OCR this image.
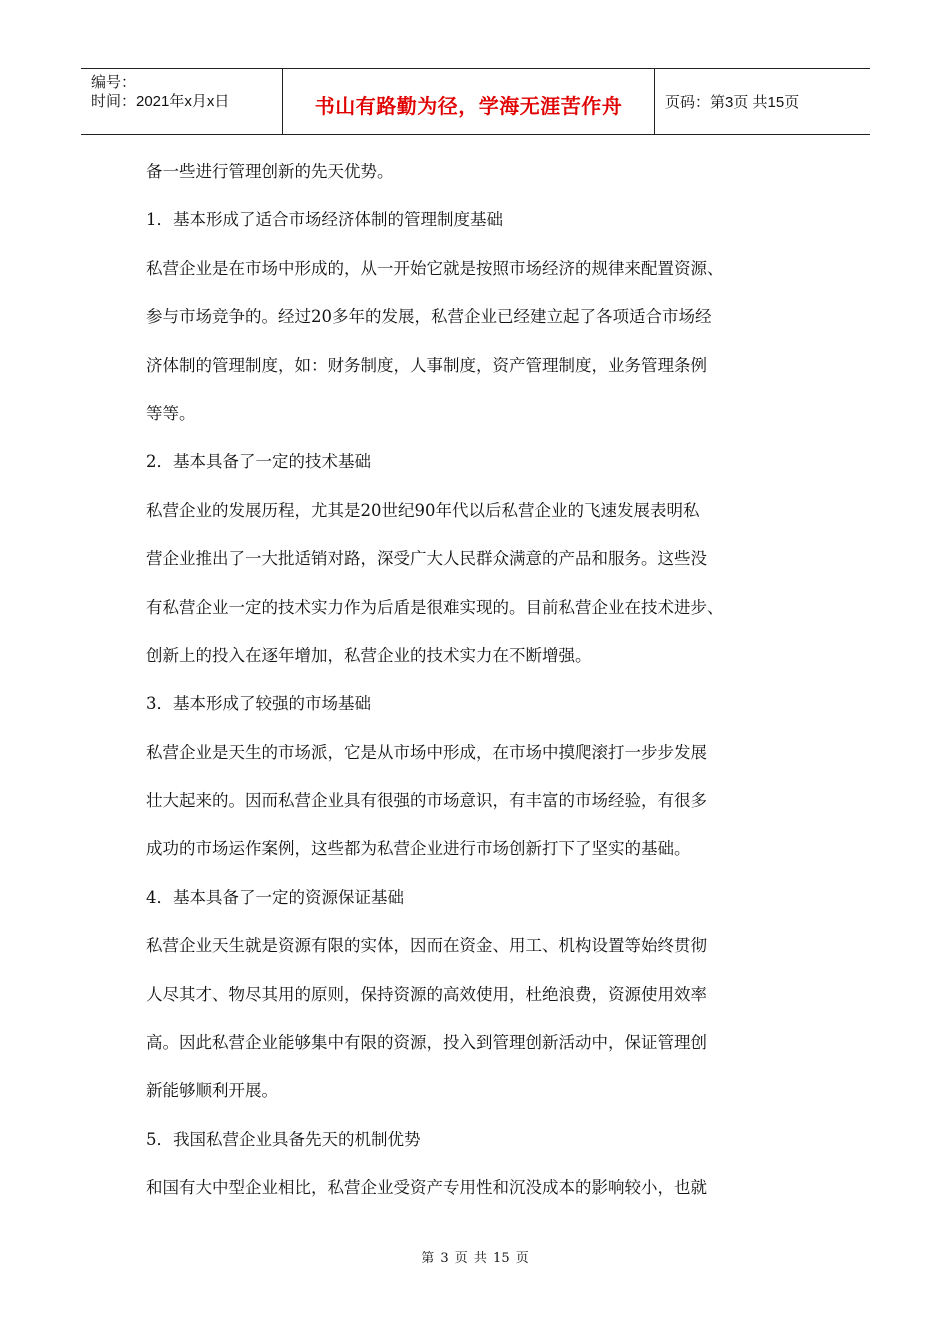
编号：
时间：2021年x月x日	书山有路勤为径，学海无涯苦作舟	页码：第3页 共15页
备一些进行管理创新的先天优势。
1．基本形成了适合市场经济体制的管理制度基础
私营企业是在市场中形成的，从一开始它就是按照市场经济的规律来配置资源、
参与市场竞争的。经过20多年的发展，私营企业已经建立起了各项适合市场经
济体制的管理制度，如：财务制度，人事制度，资产管理制度，业务管理条例
等等。
2．基本具备了一定的技术基础
私营企业的发展历程，尤其是20世纪90年代以后私营企业的飞速发展表明私
营企业推出了一大批适销对路，深受广大人民群众满意的产品和服务。这些没
有私营企业一定的技术实力作为后盾是很难实现的。目前私营企业在技术进步、
创新上的投入在逐年增加，私营企业的技术实力在不断增强。
3．基本形成了较强的市场基础
私营企业是天生的市场派，它是从市场中形成，在市场中摸爬滚打一步步发展
壮大起来的。因而私营企业具有很强的市场意识，有丰富的市场经验，有很多
成功的市场运作案例，这些都为私营企业进行市场创新打下了坚实的基础。
4．基本具备了一定的资源保证基础
私营企业天生就是资源有限的实体，因而在资金、用工、机构设置等始终贯彻
人尽其才、物尽其用的原则，保持资源的高效使用，杜绝浪费，资源使用效率
高。因此私营企业能够集中有限的资源，投入到管理创新活动中，保证管理创
新能够顺利开展。
5．我国私营企业具备先天的机制优势
和国有大中型企业相比，私营企业受资产专用性和沉没成本的影响较小，也就
第 3 页 共 15 页
